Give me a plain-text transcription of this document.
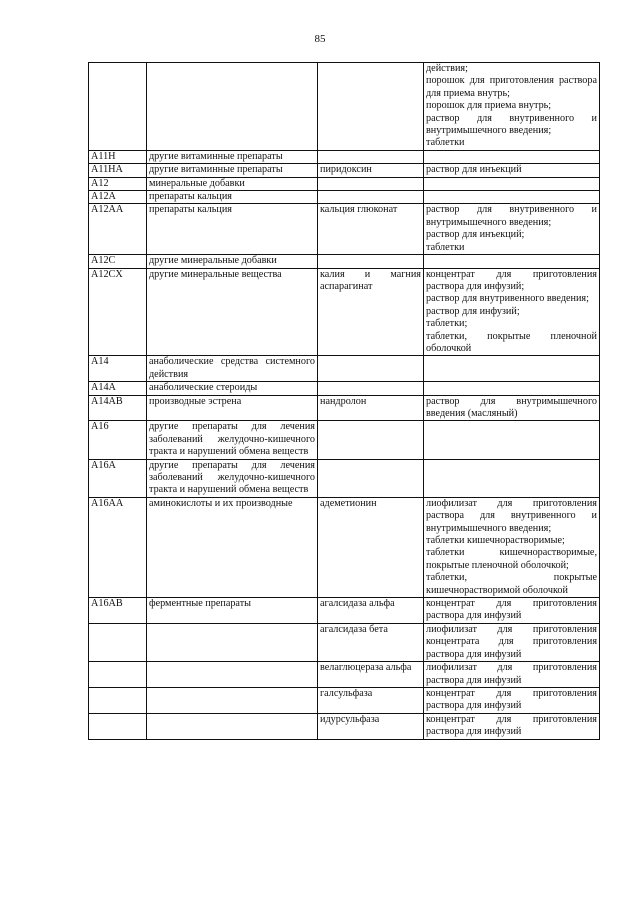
85

			действия;
порошок для приготовления раствора для приема внутрь;
порошок для приема внутрь;
раствор для внутривенного и внутримышечного введения;
таблетки

A11H	другие витаминные препараты		
A11HA	другие витаминные препараты	пиридоксин	раствор для инъекций

A12	минеральные добавки		
A12A	препараты кальция		
A12AA	препараты кальция	кальция глюконат	раствор для внутривенного и внутримышечного введения;
раствор для инъекций;
таблетки

A12C	другие минеральные добавки		
A12CX	другие минеральные вещества	калия и магния аспарагинат	концентрат для приготовления раствора для инфузий;
раствор для внутривенного введения;
раствор для инфузий;
таблетки;
таблетки, покрытые пленочной оболочкой

A14	анаболические средства системного действия		
A14A	анаболические стероиды		
A14AB	производные эстрена	нандролон	раствор для внутримышечного введения (масляный)

A16	другие препараты для лечения заболеваний желудочно-кишечного тракта и нарушений обмена веществ		
A16A	другие препараты для лечения заболеваний желудочно-кишечного тракта и нарушений обмена веществ		
A16AA	аминокислоты и их производные	адеметионин	лиофилизат для приготовления раствора для внутривенного и внутримышечного введения;
таблетки кишечнорастворимые;
таблетки кишечнорастворимые, покрытые пленочной оболочкой;
таблетки, покрытые кишечнорастворимой оболочкой

A16AB	ферментные препараты	агалсидаза альфа	концентрат для приготовления раствора для инфузий

		агалсидаза бета	лиофилизат для приготовления концентрата для приготовления раствора для инфузий

		велаглюцераза альфа	лиофилизат для приготовления раствора для инфузий

		галсульфаза	концентрат для приготовления раствора для инфузий

		идурсульфаза	концентрат для приготовления раствора для инфузий
